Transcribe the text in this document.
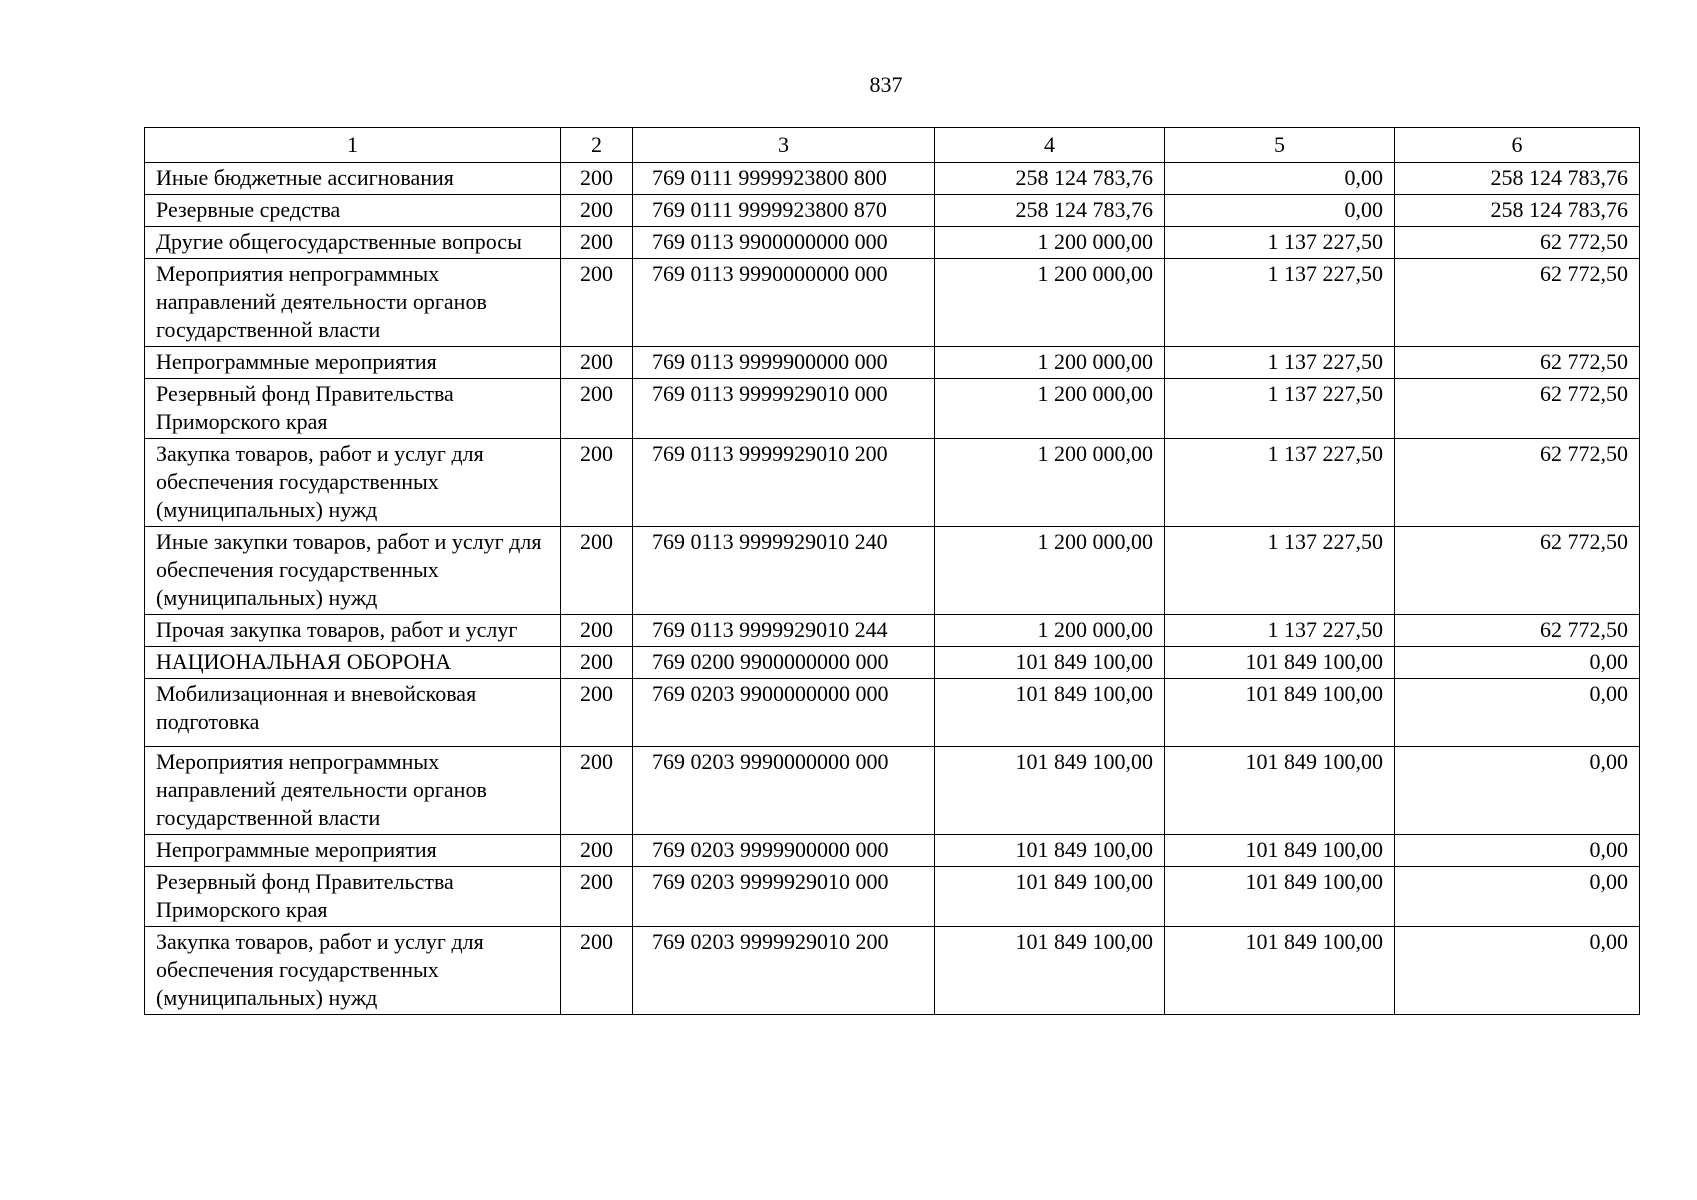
837
1	2	3	4	5	6
Иные бюджетные ассигнования	200	769 0111 9999923800 800	258 124 783,76	0,00	258 124 783,76
Резервные средства	200	769 0111 9999923800 870	258 124 783,76	0,00	258 124 783,76
Другие общегосударственные вопросы	200	769 0113 9900000000 000	1 200 000,00	1 137 227,50	62 772,50
Мероприятия непрограммных направлений деятельности органов государственной власти	200	769 0113 9990000000 000	1 200 000,00	1 137 227,50	62 772,50
Непрограммные мероприятия	200	769 0113 9999900000 000	1 200 000,00	1 137 227,50	62 772,50
Резервный фонд Правительства Приморского края	200	769 0113 9999929010 000	1 200 000,00	1 137 227,50	62 772,50
Закупка товаров, работ и услуг для обеспечения государственных (муниципальных) нужд	200	769 0113 9999929010 200	1 200 000,00	1 137 227,50	62 772,50
Иные закупки товаров, работ и услуг для обеспечения государственных (муниципальных) нужд	200	769 0113 9999929010 240	1 200 000,00	1 137 227,50	62 772,50
Прочая закупка товаров, работ и услуг	200	769 0113 9999929010 244	1 200 000,00	1 137 227,50	62 772,50
НАЦИОНАЛЬНАЯ ОБОРОНА	200	769 0200 9900000000 000	101 849 100,00	101 849 100,00	0,00
Мобилизационная и вневойсковая подготовка	200	769 0203 9900000000 000	101 849 100,00	101 849 100,00	0,00
Мероприятия непрограммных направлений деятельности органов государственной власти	200	769 0203 9990000000 000	101 849 100,00	101 849 100,00	0,00
Непрограммные мероприятия	200	769 0203 9999900000 000	101 849 100,00	101 849 100,00	0,00
Резервный фонд Правительства Приморского края	200	769 0203 9999929010 000	101 849 100,00	101 849 100,00	0,00
Закупка товаров, работ и услуг для обеспечения государственных (муниципальных) нужд	200	769 0203 9999929010 200	101 849 100,00	101 849 100,00	0,00
